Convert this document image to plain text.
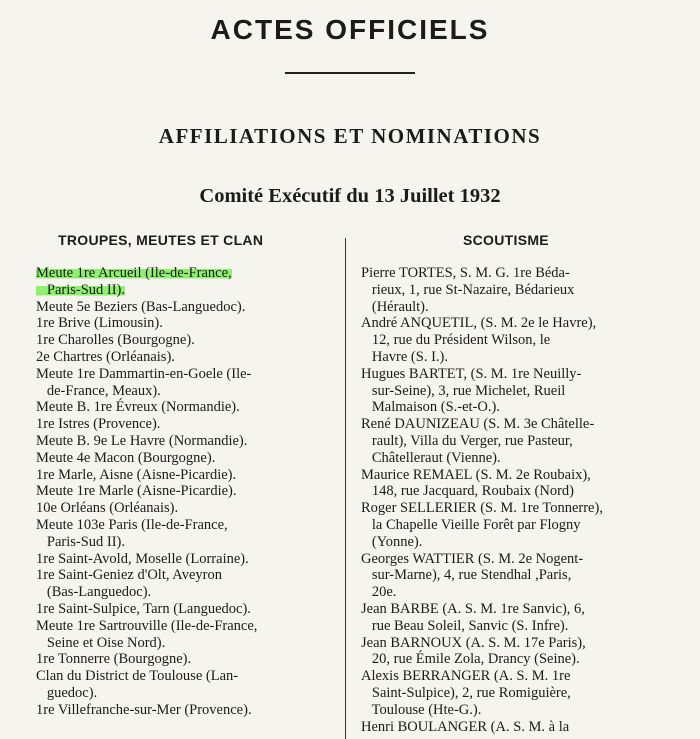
ACTES OFFICIELS
AFFILIATIONS ET NOMINATIONS
Comité Exécutif du 13 Juillet 1932
TROUPES, MEUTES ET CLAN	SCOUTISME
Meute 1re Arcueil (Ile-de-France,
Paris-Sud II).
Meute 5e Beziers (Bas-Languedoc).
1re Brive (Limousin).
1re Charolles (Bourgogne).
2e Chartres (Orléanais).
Meute 1re Dammartin-en-Goele (Ile-
de-France, Meaux).
Meute B. 1re Évreux (Normandie).
1re Istres (Provence).
Meute B. 9e Le Havre (Normandie).
Meute 4e Macon (Bourgogne).
1re Marle, Aisne (Aisne-Picardie).
Meute 1re Marle (Aisne-Picardie).
10e Orléans (Orléanais).
Meute 103e Paris (Ile-de-France,
Paris-Sud II).
1re Saint-Avold, Moselle (Lorraine).
1re Saint-Geniez d'Olt, Aveyron
(Bas-Languedoc).
1re Saint-Sulpice, Tarn (Languedoc).
Meute 1re Sartrouville (Ile-de-France,
Seine et Oise Nord).
1re Tonnerre (Bourgogne).
Clan du District de Toulouse (Lan-
guedoc).
1re Villefranche-sur-Mer (Provence).
Pierre TORTES, S. M. G. 1re Béda-
rieux, 1, rue St-Nazaire, Bédarieux
(Hérault).
André ANQUETIL, (S. M. 2e le Havre),
12, rue du Président Wilson, le
Havre (S. I.).
Hugues BARTET, (S. M. 1re Neuilly-
sur-Seine), 3, rue Michelet, Rueil
Malmaison (S.-et-O.).
René DAUNIZEAU (S. M. 3e Châtelle-
rault), Villa du Verger, rue Pasteur,
Châtelleraut (Vienne).
Maurice REMAEL (S. M. 2e Roubaix),
148, rue Jacquard, Roubaix (Nord)
Roger SELLERIER (S. M. 1re Tonnerre),
la Chapelle Vieille Forêt par Flogny
(Yonne).
Georges WATTIER (S. M. 2e Nogent-
sur-Marne), 4, rue Stendhal ,Paris,
20e.
Jean BARBE (A. S. M. 1re Sanvic), 6,
rue Beau Soleil, Sanvic (S. Infre).
Jean BARNOUX (A. S. M. 17e Paris),
20, rue Émile Zola, Drancy (Seine).
Alexis BERRANGER (A. S. M. 1re
Saint-Sulpice), 2, rue Romiguière,
Toulouse (Hte-G.).
Henri BOULANGER (A. S. M. à la
